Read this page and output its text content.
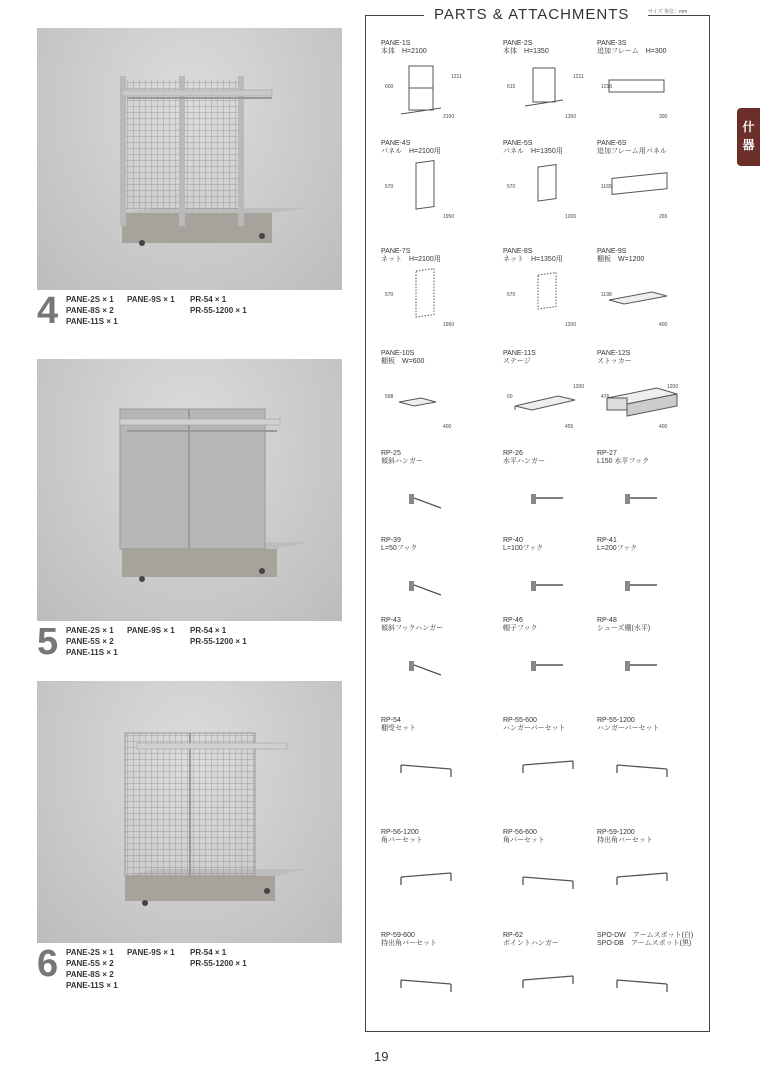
4 PANE-2S × 1
PANE-8S × 2
PANE-11S × 1
PANE-9S × 1 PR-54 × 1
PR-55-1200 × 1
5 PANE-2S × 1
PANE-5S × 2
PANE-11S × 1
PANE-9S × 1 PR-54 × 1
PR-55-1200 × 1
6 PANE-2S × 1
PANE-5S × 2
PANE-8S × 2
PANE-11S × 1
PANE-9S × 1 PR-54 × 1
PR-55-1200 × 1
PARTS & ATTACHMENTS	サイズ 単位：mm
PANE-1S
本体　H=2100
2100
600
1211
PANE-2S
本体　H=1350
1350
615
1211
PANE-3S
追加フレーム　H=300
300
1210
PANE-4S
パネル　H=2100用
1950
570
PANE-5S
パネル　H=1350用
1200
570
PANE-6S
追加フレーム用パネル
265
1165
PANE-7S
ネット　H=2100用
1950
570
PANE-8S
ネット　H=1350用
1200
570
PANE-9S
棚板　W=1200
400
1198
PANE-10S
棚板　W=600
400
598
PANE-11S
ステージ
455
60
1200
PANE-12S
ストッカー
400
476
1200
RP-25
傾斜ハンガー
RP-26
水平ハンガー
RP-27
L150 水平フック
RP-39
L=50フック
RP-40
L=100フック
RP-41
L=200フック
RP-43
傾斜フックハンガー
RP-46
帽子フック
RP-48
シューズ棚(水平)
RP-54
棚受セット
RP-55-600
ハンガーバーセット
RP-55-1200
ハンガーバーセット
RP-56-1200
角バーセット
RP-56-600
角バーセット
RP-59-1200
持出角バーセット
RP-59-600
持出角バーセット
RP-62
ポイントハンガー
SPO-DW　アームスポット(白)
SPO-DB　アームスポット(黒)
什
器
19
